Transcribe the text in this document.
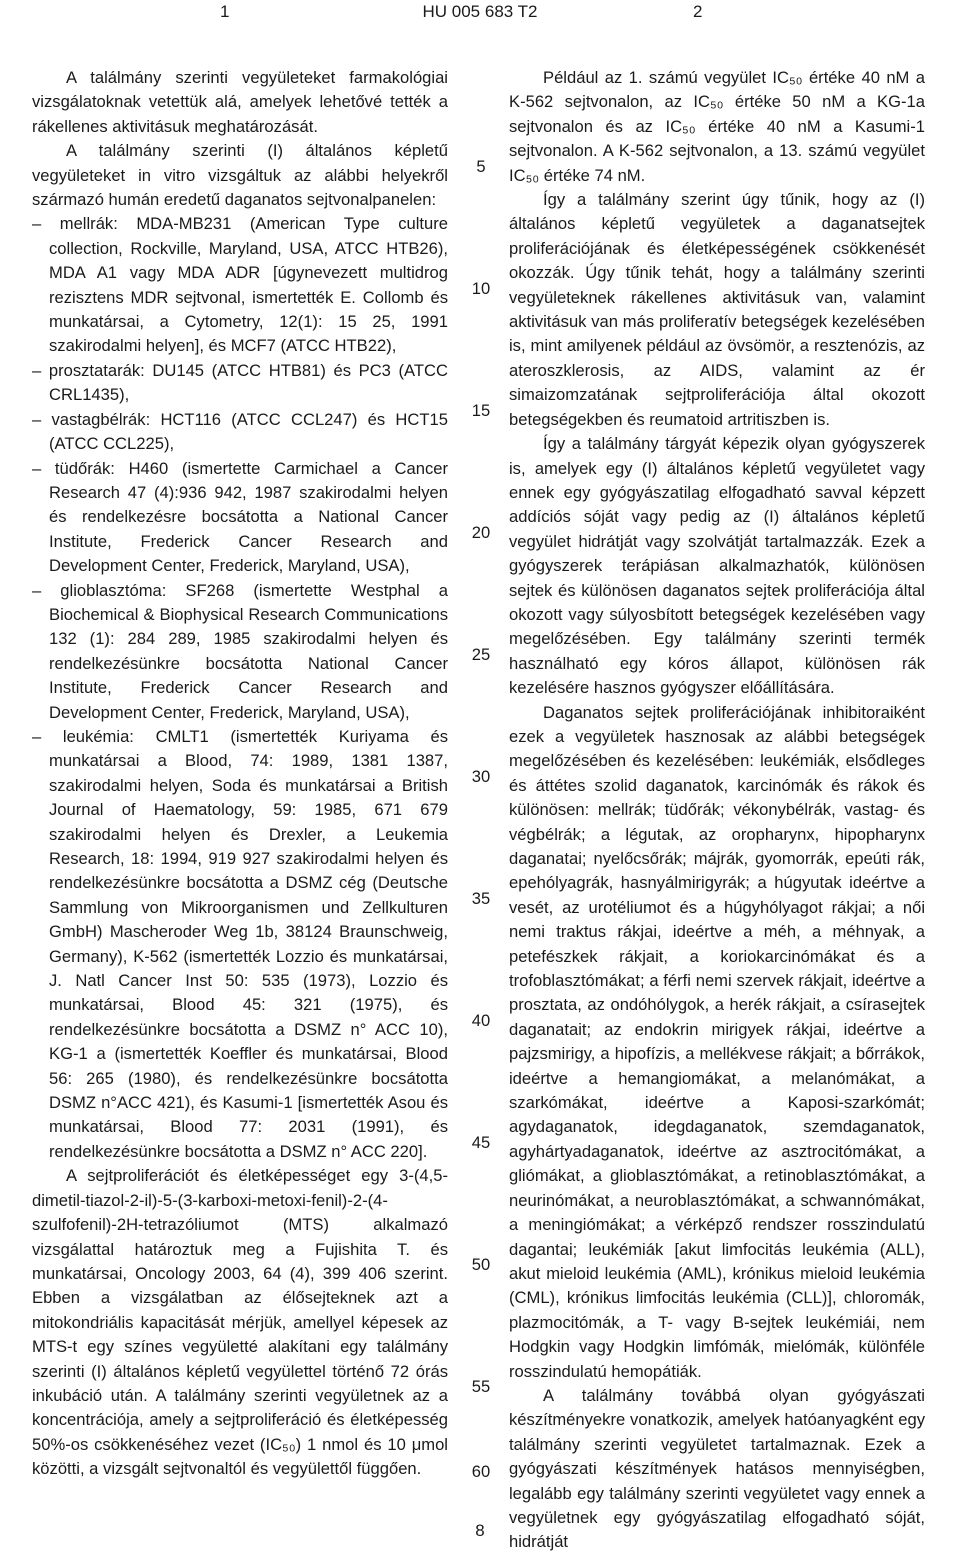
1	HU 005 683 T2	2

A találmány szerinti vegyületeket farmakológiai vizsgálatoknak vetettük alá, amelyek lehetővé tették a rákellenes aktivitásuk meghatározását.

A találmány szerinti (I) általános képletű vegyületeket in vitro vizsgáltuk az alábbi helyekről származó humán eredetű daganatos sejtvonalpanelen:

– mellrák: MDA-MB231 (American Type culture collection, Rockville, Maryland, USA, ATCC HTB26), MDA A1 vagy MDA ADR [úgynevezett multidrog rezisztens MDR sejtvonal, ismertették E. Collomb és munkatársai, a Cytometry, 12(1): 15 25, 1991 szakirodalmi helyen], és MCF7 (ATCC HTB22),

– prosztatarák: DU145 (ATCC HTB81) és PC3 (ATCC CRL1435),

– vastagbélrák: HCT116 (ATCC CCL247) és HCT15 (ATCC CCL225),

– tüdőrák: H460 (ismertette Carmichael a Cancer Research 47 (4):936 942, 1987 szakirodalmi helyen és rendelkezésre bocsátotta a National Cancer Institute, Frederick Cancer Research and Development Center, Frederick, Maryland, USA),

– glioblasztóma: SF268 (ismertette Westphal a Biochemical & Biophysical Research Communications 132 (1): 284 289, 1985 szakirodalmi helyen és rendelkezésünkre bocsátotta National Cancer Institute, Frederick Cancer Research and Development Center, Frederick, Maryland, USA),

– leukémia: CMLT1 (ismertették Kuriyama és munkatársai a Blood, 74: 1989, 1381 1387, szakirodalmi helyen, Soda és munkatársai a British Journal of Haematology, 59: 1985, 671 679 szakirodalmi helyen és Drexler, a Leukemia Research, 18: 1994, 919 927 szakirodalmi helyen és rendelkezésünkre bocsátotta a DSMZ cég (Deutsche Sammlung von Mikroorganismen und Zellkulturen GmbH) Mascheroder Weg 1b, 38124 Braunschweig, Germany), K-562 (ismertették Lozzio és munkatársai, J. Natl Cancer Inst 50: 535 (1973), Lozzio és munkatársai, Blood 45: 321 (1975), és rendelkezésünkre bocsátotta a DSMZ n° ACC 10), KG-1 a (ismertették Koeffler és munkatársai, Blood 56: 265 (1980), és rendelkezésünkre bocsátotta DSMZ n°ACC 421), és Kasumi-1 [ismertették Asou és munkatársai, Blood 77: 2031 (1991), és rendelkezésünkre bocsátotta a DSMZ n° ACC 220].

A sejtproliferációt és életképességet egy 3-(4,5-dimetil-tiazol-2-il)-5-(3-karboxi-metoxi-fenil)-2-(4-szulfofenil)-2H-tetrazóliumot (MTS) alkalmazó vizsgálattal határoztuk meg a Fujishita T. és munkatársai, Oncology 2003, 64 (4), 399 406 szerint. Ebben a vizsgálatban az élősejteknek azt a mitokondriális kapacitását mérjük, amellyel képesek az MTS-t egy színes vegyületté alakítani egy találmány szerinti (I) általános képletű vegyülettel történő 72 órás inkubáció után. A találmány szerinti vegyületnek az a koncentrációja, amely a sejtproliferáció és életképesség 50%-os csökkenéséhez vezet (IC₅₀) 1 nmol és 10 μmol közötti, a vizsgált sejtvonaltól és vegyülettől függően.

5
10
15
20
25
30
35
40
45
50
55
60

Például az 1. számú vegyület IC₅₀ értéke 40 nM a K-562 sejtvonalon, az IC₅₀ értéke 50 nM a KG-1a sejtvonalon és az IC₅₀ értéke 40 nM a Kasumi-1 sejtvonalon. A K-562 sejtvonalon, a 13. számú vegyület IC₅₀ értéke 74 nM.

Így a találmány szerint úgy tűnik, hogy az (I) általános képletű vegyületek a daganatsejtek proliferációjának és életképességének csökkenését okozzák. Úgy tűnik tehát, hogy a találmány szerinti vegyületeknek rákellenes aktivitásuk van, valamint aktivitásuk van más proliferatív betegségek kezelésében is, mint amilyenek például az övsömör, a resztenózis, az ateroszklerosis, az AIDS, valamint az ér simaizomzatának sejtproliferációja által okozott betegségekben és reumatoid artritiszben is.

Így a találmány tárgyát képezik olyan gyógyszerek is, amelyek egy (I) általános képletű vegyületet vagy ennek egy gyógyászatilag elfogadható savval képzett addíciós sóját vagy pedig az (I) általános képletű vegyület hidrátját vagy szolvátját tartalmazzák. Ezek a gyógyszerek terápiásan alkalmazhatók, különösen sejtek és különösen daganatos sejtek proliferációja által okozott vagy súlyosbított betegségek kezelésében vagy megelőzésében. Egy találmány szerinti termék használható egy kóros állapot, különösen rák kezelésére hasznos gyógyszer előállítására.

Daganatos sejtek proliferációjának inhibitoraiként ezek a vegyületek hasznosak az alábbi betegségek megelőzésében és kezelésében: leukémiák, elsődleges és áttétes szolid daganatok, karcinómák és rákok és különösen: mellrák; tüdőrák; vékonybélrák, vastag- és végbélrák; a légutak, az oropharynx, hipopharynx daganatai; nyelőcsőrák; májrák, gyomorrák, epeúti rák, epehólyagrák, hasnyálmirigyrák; a húgyutak ideértve a vesét, az urotéliumot és a húgyhólyagot rákjai; a női nemi traktus rákjai, ideértve a méh, a méhnyak, a petefészkek rákjait, a koriokarcinómákat és a trofoblasztómákat; a férfi nemi szervek rákjait, ideértve a prosztata, az ondóhólygok, a herék rákjait, a csírasejtek daganatait; az endokrin mirigyek rákjai, ideértve a pajzsmirigy, a hipofízis, a mellékvese rákjait; a bőrrákok, ideértve a hemangiomákat, a melanómákat, a szarkómákat, ideértve a Kaposi-szarkómát; agydaganatok, idegdaganatok, szemdaganatok, agyhártyadaganatok, ideértve az asztrocitómákat, a gliómákat, a glioblasztómákat, a retinoblasztómákat, a neurinómákat, a neuroblasztómákat, a schwannómákat, a meningiómákat; a vérképző rendszer rosszindulatú dagantai; leukémiák [akut limfocitás leukémia (ALL), akut mieloid leukémia (AML), krónikus mieloid leukémia (CML), krónikus limfocitás leukémia (CLL)], chloromák, plazmocitómák, a T- vagy B-sejtek leukémiái, nem Hodgkin vagy Hodgkin limfómák, mielómák, különféle rosszindulatú hemopátiák.

A találmány továbbá olyan gyógyászati készítményekre vonatkozik, amelyek hatóanyagként egy találmány szerinti vegyületet tartalmaznak. Ezek a gyógyászati készítmények hatásos mennyiségben, legalább egy találmány szerinti vegyületet vagy ennek a vegyületnek egy gyógyászatilag elfogadható sóját, hidrátját

8
